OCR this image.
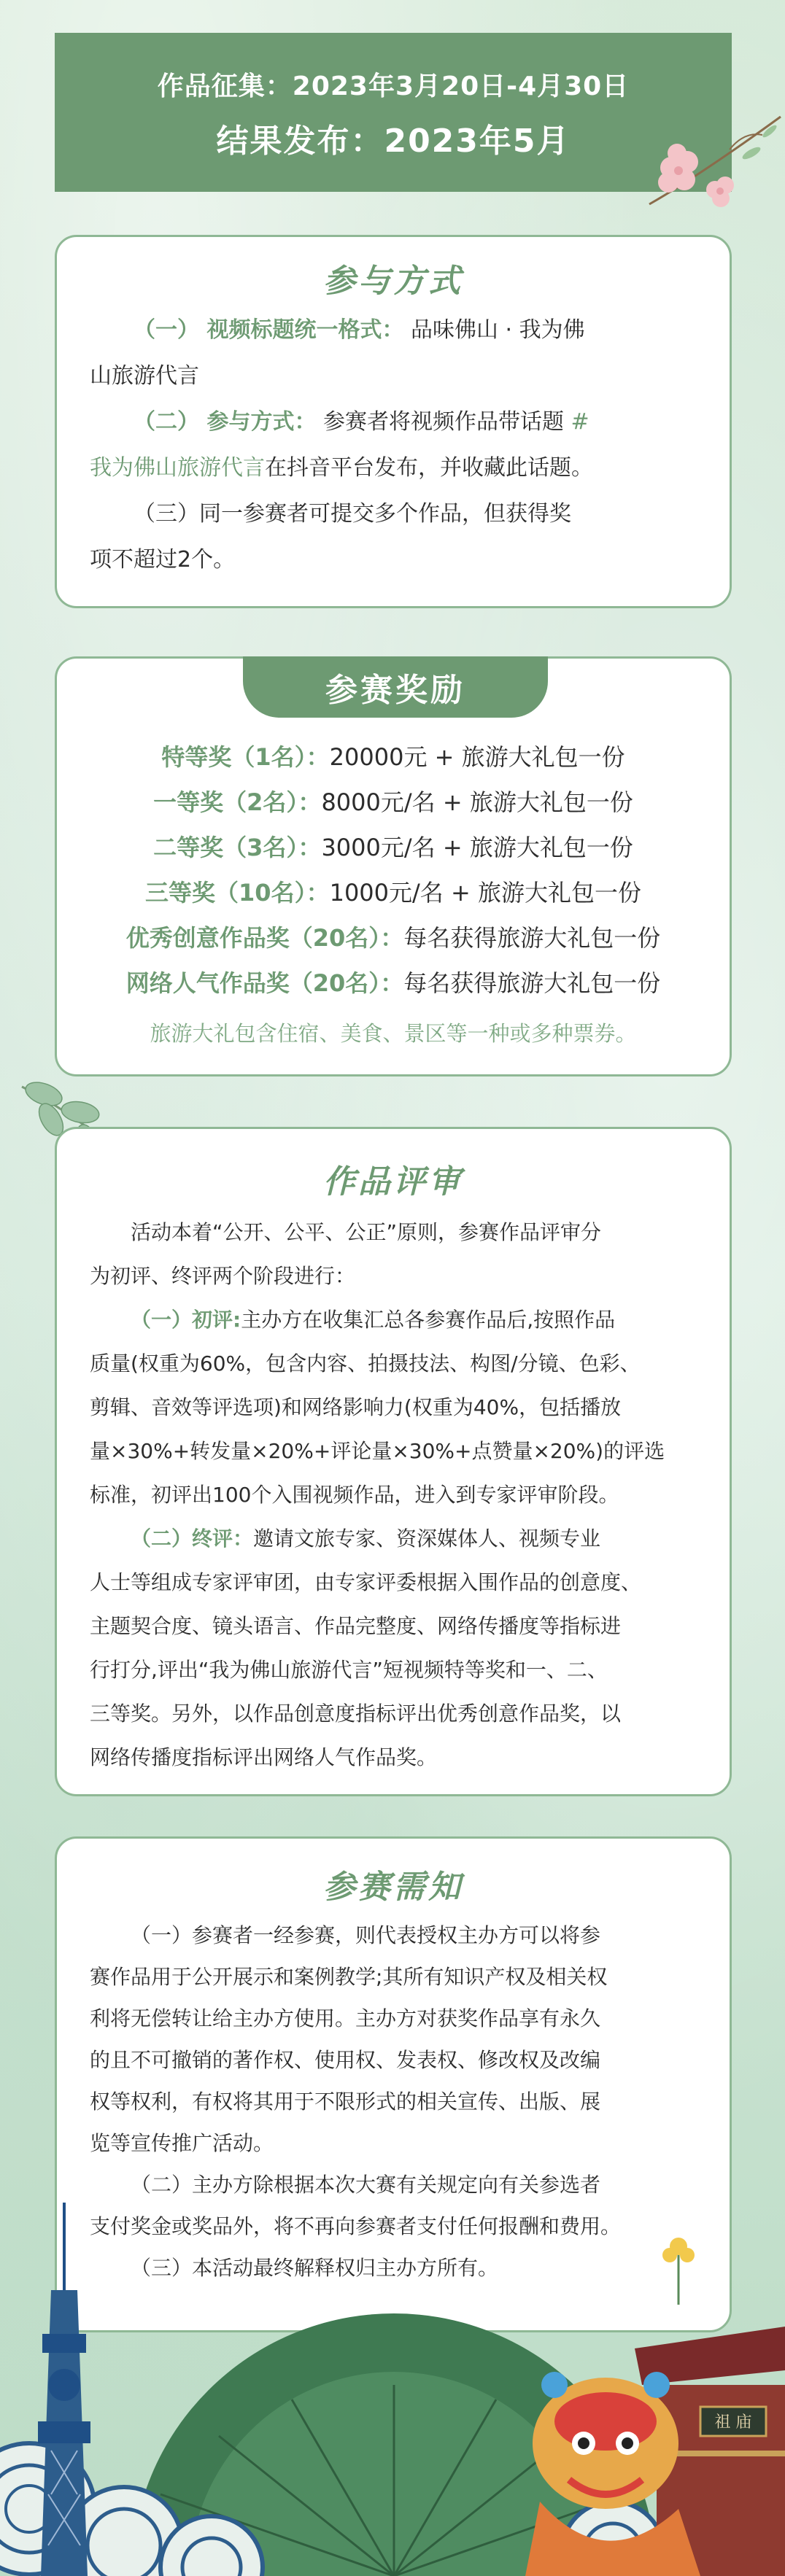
作品征集：2023年3月20日-4月30日
结果发布：2023年5月
参与方式
（一） 视频标题统一格式： 品味佛山 · 我为佛
山旅游代言
（二） 参与方式： 参赛者将视频作品带话题 #
我为佛山旅游代言在抖音平台发布，并收藏此话题。
（三）同一参赛者可提交多个作品，但获得奖
项不超过2个。
参赛奖励
特等奖（1名）：20000元 + 旅游大礼包一份
一等奖（2名）：8000元/名 + 旅游大礼包一份
二等奖（3名）：3000元/名 + 旅游大礼包一份
三等奖（10名）：1000元/名 + 旅游大礼包一份
优秀创意作品奖（20名）：每名获得旅游大礼包一份
网络人气作品奖（20名）：每名获得旅游大礼包一份
旅游大礼包含住宿、美食、景区等一种或多种票券。
作品评审
活动本着“公开、公平、公正”原则，参赛作品评审分
为初评、终评两个阶段进行：
（一）初评:主办方在收集汇总各参赛作品后,按照作品
质量(权重为60%，包含内容、拍摄技法、构图/分镜、色彩、
剪辑、音效等评选项)和网络影响力(权重为40%，包括播放
量×30%+转发量×20%+评论量×30%+点赞量×20%)的评选
标准，初评出100个入围视频作品，进入到专家评审阶段。
（二）终评：邀请文旅专家、资深媒体人、视频专业
人士等组成专家评审团，由专家评委根据入围作品的创意度、
主题契合度、镜头语言、作品完整度、网络传播度等指标进
行打分,评出“我为佛山旅游代言”短视频特等奖和一、二、
三等奖。另外，以作品创意度指标评出优秀创意作品奖，以
网络传播度指标评出网络人气作品奖。
参赛需知
（一）参赛者一经参赛，则代表授权主办方可以将参
赛作品用于公开展示和案例教学;其所有知识产权及相关权
利将无偿转让给主办方使用。主办方对获奖作品享有永久
的且不可撤销的著作权、使用权、发表权、修改权及改编
权等权利，有权将其用于不限形式的相关宣传、出版、展
览等宣传推广活动。
（二）主办方除根据本次大赛有关规定向有关参选者
支付奖金或奖品外，将不再向参赛者支付任何报酬和费用。
（三）本活动最终解释权归主办方所有。
祖 庙
